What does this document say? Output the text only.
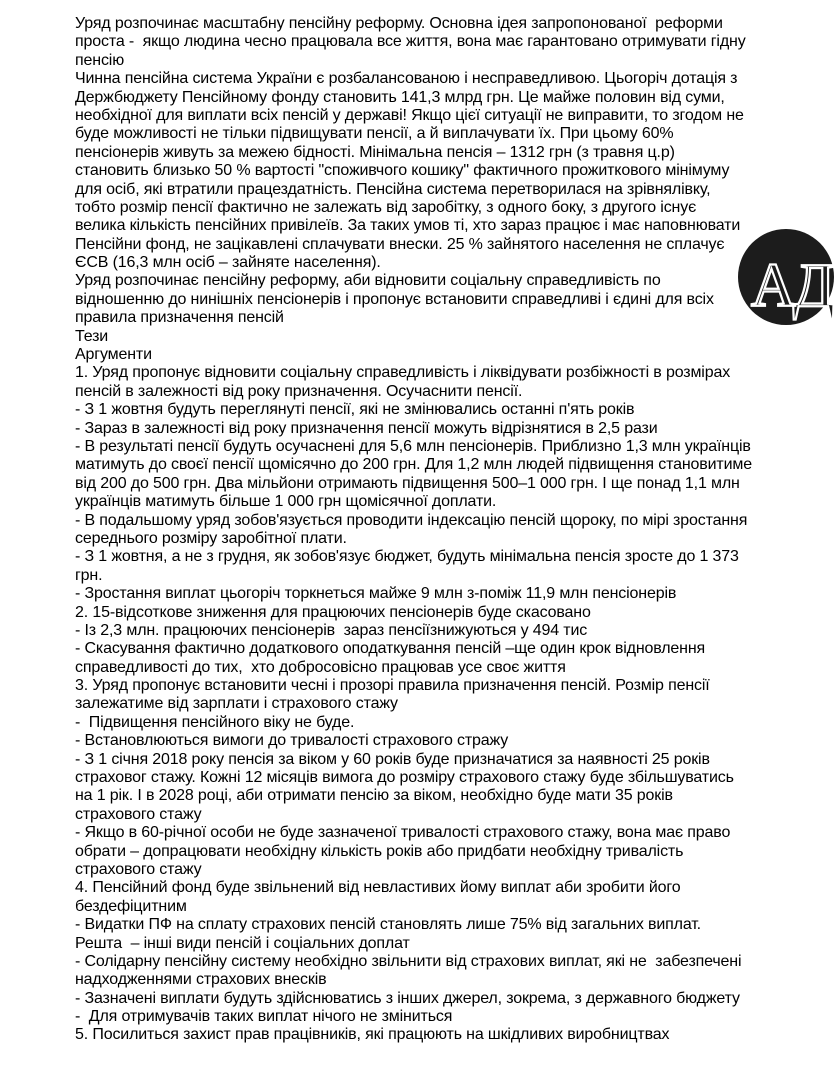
Уряд розпочинає масштабну пенсійну реформу. Основна ідея запропонованої  реформи
проста -  якщо людина чесно працювала все життя, вона має гарантовано отримувати гідну
пенсію
Чинна пенсійна система України є розбалансованою і несправедливою. Цьогоріч дотація з
Держбюджету Пенсійному фонду становить 141,3 млрд грн. Це майже половин від суми,
необхідної для виплати всіх пенсій у державі! Якщо цієї ситуації не виправити, то згодом не
буде можливості не тільки підвищувати пенсії, а й виплачувати їх. При цьому 60%
пенсіонерів живуть за межею бідності. Мінімальна пенсія – 1312 грн (з травня ц.р)
становить близько 50 % вартості "споживчого кошику" фактичного прожиткового мінімуму
для осіб, які втратили працездатність. Пенсійна система перетворилася на зрівнялівку,
тобто розмір пенсії фактично не залежать від заробітку, з одного боку, з другого існує
велика кількість пенсійних привілеїв. За таких умов ті, хто зараз працює і має наповнювати
Пенсійни фонд, не зацікавлені сплачувати внески. 25 % зайнятого населення не сплачує
ЄСВ (16,3 млн осіб – зайняте населення).
Уряд розпочинає пенсійну реформу, аби відновити соціальну справедливість по
відношенню до нинішніх пенсіонерів і пропонує встановити справедливі і єдині для всіх
правила призначення пенсій
Тези
Аргументи
1. Уряд пропонує відновити соціальну справедливість і ліквідувати розбіжності в розмірах
пенсій в залежності від року призначення. Осучаснити пенсії.
- З 1 жовтня будуть переглянуті пенсії, які не змінювались останні п'ять років
- Зараз в залежності від року призначення пенсії можуть відрізнятися в 2,5 рази
- В результаті пенсії будуть осучаснені для 5,6 млн пенсіонерів. Приблизно 1,3 млн українців
матимуть до своєї пенсії щомісячно до 200 грн. Для 1,2 млн людей підвищення становитиме
від 200 до 500 грн. Два мільйони отримають підвищення 500–1 000 грн. І ще понад 1,1 млн
українців матимуть більше 1 000 грн щомісячної доплати.
- В подальшому уряд зобов'язується проводити індексацію пенсій щороку, по мірі зростання
середнього розміру заробітної плати.
- З 1 жовтня, а не з грудня, як зобов'язує бюджет, будуть мінімальна пенсія зросте до 1 373
грн.
- Зростання виплат цьогоріч торкнеться майже 9 млн з-поміж 11,9 млн пенсіонерів
2. 15-відсоткове зниження для працюючих пенсіонерів буде скасовано
- Із 2,3 млн. працюючих пенсіонерів  зараз пенсіїзнижуються у 494 тис
- Скасування фактично додаткового оподаткування пенсій –ще один крок відновлення
справедливості до тих,  хто добросовісно працював усе своє життя
3. Уряд пропонує встановити чесні і прозорі правила призначення пенсій. Розмір пенсії
залежатиме від зарплати і страхового стажу
-  Підвищення пенсійного віку не буде.
- Встановлюються вимоги до тривалості страхового стражу
- З 1 січня 2018 року пенсія за віком у 60 років буде призначатися за наявності 25 років
страховог стажу. Кожні 12 місяців вимога до розміру страхового стажу буде збільшуватись
на 1 рік. І в 2028 році, аби отримати пенсію за віком, необхідно буде мати 35 років
страхового стажу
- Якщо в 60-річної особи не буде зазначеної тривалості страхового стажу, вона має право
обрати – допрацювати необхідну кількість років або придбати необхідну тривалість
страхового стажу
4. Пенсійний фонд буде звільнений від невластивих йому виплат аби зробити його
бездефіцитним
- Видатки ПФ на сплату страхових пенсій становлять лише 75% від загальних виплат.
Решта  – інші види пенсій і соціальних доплат
- Солідарну пенсійну систему необхідно звільнити від страхових виплат, які не  забезпечені
надходженнями страхових внесків
- Зазначені виплати будуть здійснюватись з інших джерел, зокрема, з державного бюджету
-  Для отримувачів таких виплат нічого не зміниться
5. Посилиться захист прав працівників, які працюють на шкідливих виробництвах
АД
